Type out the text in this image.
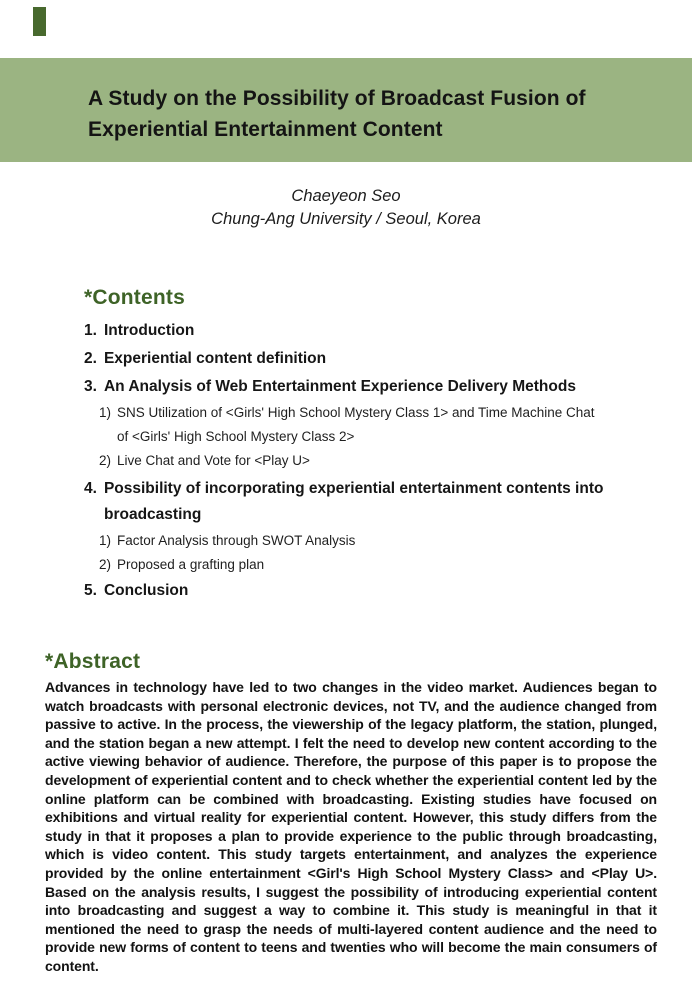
A Study on the Possibility of Broadcast Fusion of
Experiential Entertainment Content
Chaeyeon Seo
Chung-Ang University / Seoul, Korea
*Contents
1. Introduction
2. Experiential content definition
3. An Analysis of Web Entertainment Experience Delivery Methods
1) SNS Utilization of <Girls' High School Mystery Class 1> and Time Machine Chat
of <Girls' High School Mystery Class 2>
2) Live Chat and Vote for <Play U>
4. Possibility of incorporating experiential entertainment contents into
broadcasting
1) Factor Analysis through SWOT Analysis
2) Proposed a grafting plan
5. Conclusion
*Abstract

Advances in technology have led to two changes in the video market. Audiences began to watch broadcasts with personal electronic devices, not TV, and the audience changed from passive to active. In the process, the viewership of the legacy platform, the station, plunged, and the station began a new attempt. I felt the need to develop new content according to the active viewing behavior of audience. Therefore, the purpose of this paper is to propose the development of experiential content and to check whether the experiential content led by the online platform can be combined with broadcasting. Existing studies have focused on exhibitions and virtual reality for experiential content. However, this study differs from the study in that it proposes a plan to provide experience to the public through broadcasting, which is video content. This study targets entertainment, and analyzes the experience provided by the online entertainment <Girl's High School Mystery Class> and <Play U>. Based on the analysis results, I suggest the possibility of introducing experiential content into broadcasting and suggest a way to combine it. This study is meaningful in that it mentioned the need to grasp the needs of multi-layered content audience and the need to provide new forms of content to teens and twenties who will become the main consumers of content.
